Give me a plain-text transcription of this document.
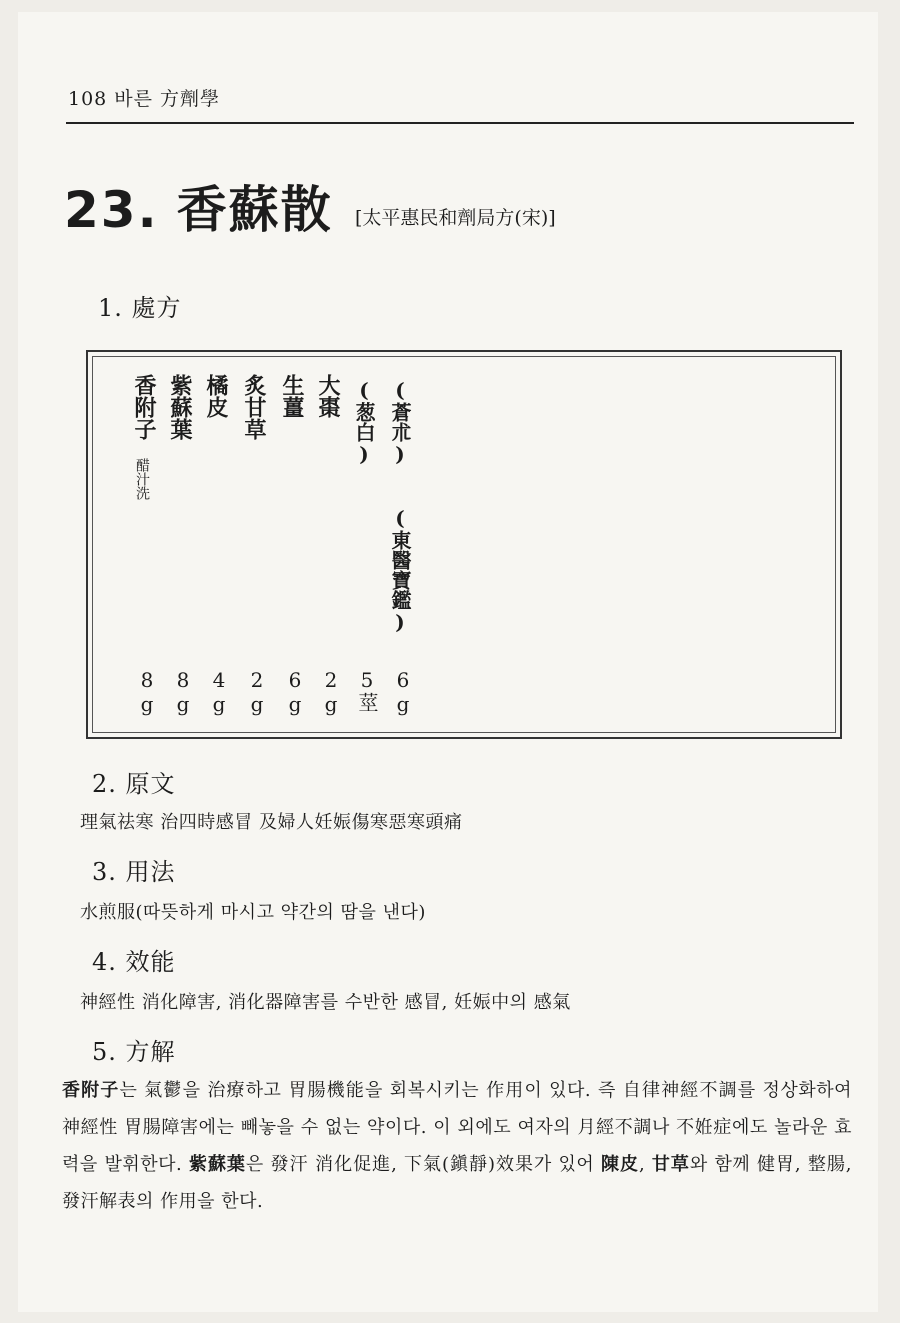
108 바른 方劑學
23. 香蘇散 [太平惠民和劑局方(宋)]
1. 處方
香附子
醋汁洗
紫蘇葉 橘皮 炙甘草 生薑 大棗 (葱白) (蒼朮)
(東醫寶鑑)
8g 8g 4g 2g 6g 2g 5莖 6g
2. 原文
理氣祛寒 治四時感冒 及婦人妊娠傷寒惡寒頭痛
3. 用法
水煎服(따뜻하게 마시고 약간의 땀을 낸다)
4. 效能
神經性 消化障害, 消化器障害를 수반한 感冒, 妊娠中의 感氣
5. 方解
香附子는 氣鬱을 治療하고 胃腸機能을 회복시키는 作用이 있다. 즉 自律神經不調를 정상화하여 神經性 胃腸障害에는 빼놓을 수 없는 약이다. 이 외에도 여자의 月經不調나 不姙症에도 놀라운 효력을 발휘한다. 紫蘇葉은 發汗 消化促進, 下氣(鎭靜)效果가 있어 陳皮, 甘草와 함께 健胃, 整腸, 發汗解表의 作用을 한다.
